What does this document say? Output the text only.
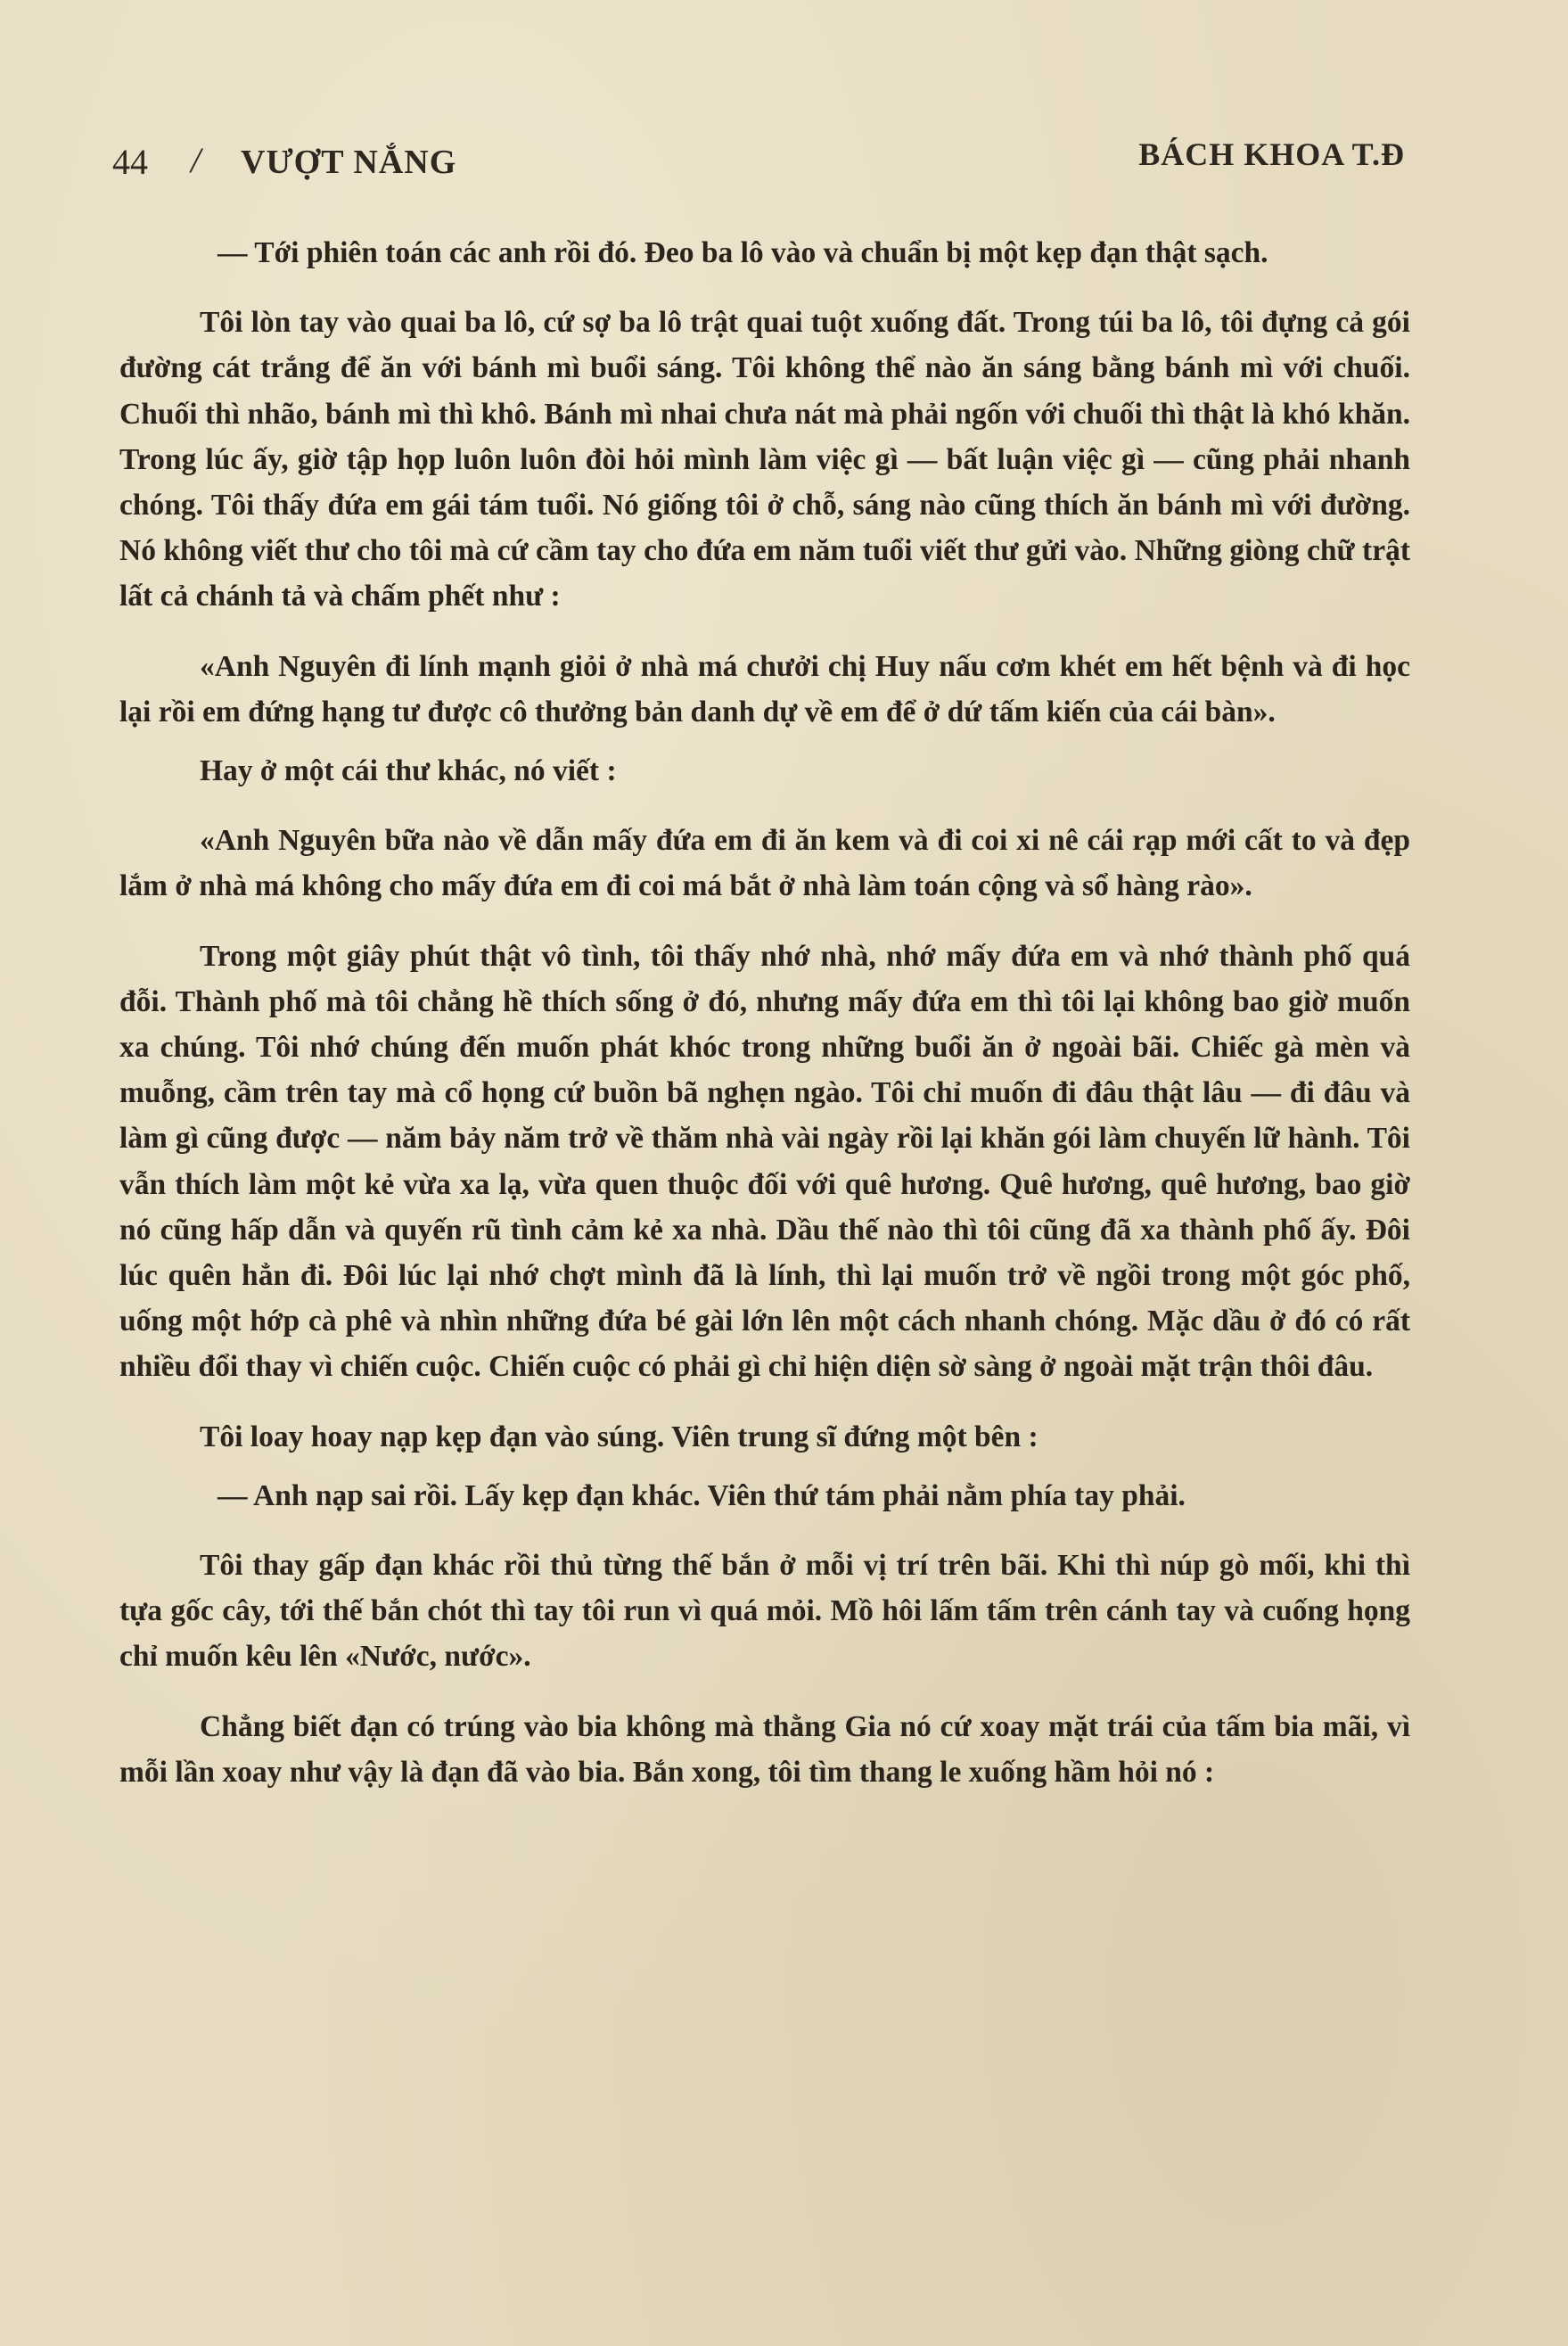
44 / VƯỢT NẮNG	BÁCH KHOA T.Đ

— Tới phiên toán các anh rồi đó. Đeo ba lô vào và chuẩn bị một kẹp đạn thật sạch.

Tôi lòn tay vào quai ba lô, cứ sợ ba lô trật quai tuột xuống đất. Trong túi ba lô, tôi đựng cả gói đường cát trắng để ăn với bánh mì buổi sáng. Tôi không thể nào ăn sáng bằng bánh mì với chuối. Chuối thì nhão, bánh mì thì khô. Bánh mì nhai chưa nát mà phải ngốn với chuối thì thật là khó khăn. Trong lúc ấy, giờ tập họp luôn luôn đòi hỏi mình làm việc gì — bất luận việc gì — cũng phải nhanh chóng. Tôi thấy đứa em gái tám tuổi. Nó giống tôi ở chỗ, sáng nào cũng thích ăn bánh mì với đường. Nó không viết thư cho tôi mà cứ cầm tay cho đứa em năm tuổi viết thư gửi vào. Những giòng chữ trật lất cả chánh tả và chấm phết như :

«Anh Nguyên đi lính mạnh giỏi ở nhà má chưởi chị Huy nấu cơm khét em hết bệnh và đi học lại rồi em đứng hạng tư được cô thưởng bản danh dự về em để ở dứ tấm kiến của cái bàn».

Hay ở một cái thư khác, nó viết :

«Anh Nguyên bữa nào về dẫn mấy đứa em đi ăn kem và đi coi xi nê cái rạp mới cất to và đẹp lắm ở nhà má không cho mấy đứa em đi coi má bắt ở nhà làm toán cộng và sổ hàng rào».

Trong một giây phút thật vô tình, tôi thấy nhớ nhà, nhớ mấy đứa em và nhớ thành phố quá đỗi. Thành phố mà tôi chẳng hề thích sống ở đó, nhưng mấy đứa em thì tôi lại không bao giờ muốn xa chúng. Tôi nhớ chúng đến muốn phát khóc trong những buổi ăn ở ngoài bãi. Chiếc gà mèn và muỗng, cầm trên tay mà cổ họng cứ buồn bã nghẹn ngào. Tôi chỉ muốn đi đâu thật lâu — đi đâu và làm gì cũng được — năm bảy năm trở về thăm nhà vài ngày rồi lại khăn gói làm chuyến lữ hành. Tôi vẫn thích làm một kẻ vừa xa lạ, vừa quen thuộc đối với quê hương. Quê hương, quê hương, bao giờ nó cũng hấp dẫn và quyến rũ tình cảm kẻ xa nhà. Dầu thế nào thì tôi cũng đã xa thành phố ấy. Đôi lúc quên hẳn đi. Đôi lúc lại nhớ chợt mình đã là lính, thì lại muốn trở về ngồi trong một góc phố, uống một hớp cà phê và nhìn những đứa bé gài lớn lên một cách nhanh chóng. Mặc dầu ở đó có rất nhiều đổi thay vì chiến cuộc. Chiến cuộc có phải gì chỉ hiện diện sờ sàng ở ngoài mặt trận thôi đâu.

Tôi loay hoay nạp kẹp đạn vào súng. Viên trung sĩ đứng một bên :

— Anh nạp sai rồi. Lấy kẹp đạn khác. Viên thứ tám phải nằm phía tay phải.

Tôi thay gấp đạn khác rồi thủ từng thế bắn ở mỗi vị trí trên bãi. Khi thì núp gò mối, khi thì tựa gốc cây, tới thế bắn chót thì tay tôi run vì quá mỏi. Mồ hôi lấm tấm trên cánh tay và cuống họng chỉ muốn kêu lên «Nước, nước».

Chẳng biết đạn có trúng vào bia không mà thằng Gia nó cứ xoay mặt trái của tấm bia mãi, vì mỗi lần xoay như vậy là đạn đã vào bia. Bắn xong, tôi tìm thang le xuống hầm hỏi nó :
